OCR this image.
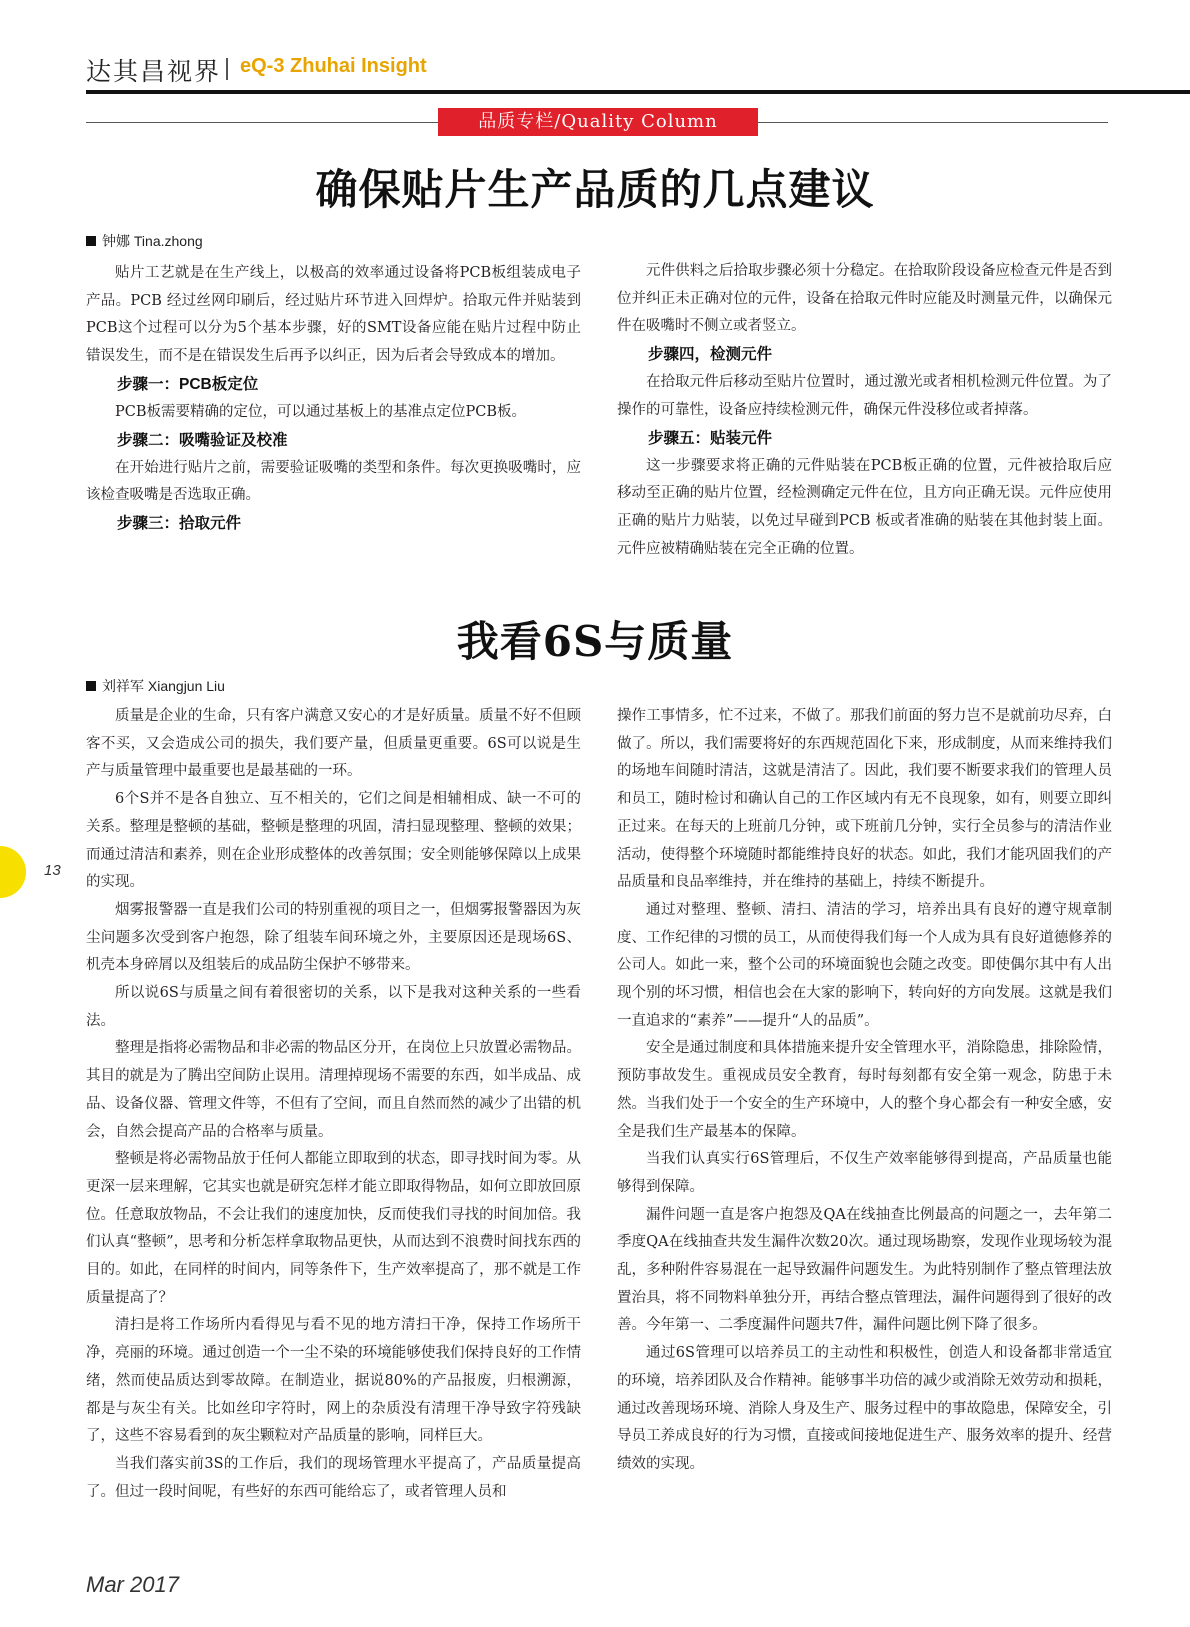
达其昌视界 eQ-3 Zhuhai Insight
品质专栏/Quality Column
确保贴片生产品质的几点建议
钟娜 Tina.zhong

贴片工艺就是在生产线上，以极高的效率通过设备将PCB板组装成电子产品。PCB 经过丝网印刷后，经过贴片环节进入回焊炉。拾取元件并贴装到PCB这个过程可以分为5个基本步骤，好的SMT设备应能在贴片过程中防止错误发生，而不是在错误发生后再予以纠正，因为后者会导致成本的增加。

步骤一：PCB板定位

PCB板需要精确的定位，可以通过基板上的基准点定位PCB板。

步骤二：吸嘴验证及校准

在开始进行贴片之前，需要验证吸嘴的类型和条件。每次更换吸嘴时，应该检查吸嘴是否选取正确。

步骤三：拾取元件

元件供料之后拾取步骤必须十分稳定。在拾取阶段设备应检查元件是否到位并纠正未正确对位的元件，设备在拾取元件时应能及时测量元件，以确保元件在吸嘴时不侧立或者竖立。

步骤四，检测元件

在拾取元件后移动至贴片位置时，通过激光或者相机检测元件位置。为了操作的可靠性，设备应持续检测元件，确保元件没移位或者掉落。

步骤五：贴装元件

这一步骤要求将正确的元件贴装在PCB板正确的位置，元件被拾取后应移动至正确的贴片位置，经检测确定元件在位，且方向正确无误。元件应使用正确的贴片力贴装，以免过早碰到PCB 板或者准确的贴装在其他封装上面。元件应被精确贴装在完全正确的位置。

我看6S与质量
刘祥军 Xiangjun Liu

质量是企业的生命，只有客户满意又安心的才是好质量。质量不好不但顾客不买，又会造成公司的损失，我们要产量，但质量更重要。6S可以说是生产与质量管理中最重要也是最基础的一环。

6个S并不是各自独立、互不相关的，它们之间是相辅相成、缺一不可的关系。整理是整顿的基础，整顿是整理的巩固，清扫显现整理、整顿的效果；而通过清洁和素养，则在企业形成整体的改善氛围；安全则能够保障以上成果的实现。

烟雾报警器一直是我们公司的特别重视的项目之一，但烟雾报警器因为灰尘问题多次受到客户抱怨，除了组装车间环境之外，主要原因还是现场6S、机壳本身碎屑以及组装后的成品防尘保护不够带来。

所以说6S与质量之间有着很密切的关系，以下是我对这种关系的一些看法。

整理是指将必需物品和非必需的物品区分开，在岗位上只放置必需物品。其目的就是为了腾出空间防止误用。清理掉现场不需要的东西，如半成品、成品、设备仪器、管理文件等，不但有了空间，而且自然而然的减少了出错的机会，自然会提高产品的合格率与质量。

整顿是将必需物品放于任何人都能立即取到的状态，即寻找时间为零。从更深一层来理解，它其实也就是研究怎样才能立即取得物品，如何立即放回原位。任意取放物品，不会让我们的速度加快，反而使我们寻找的时间加倍。我们认真“整顿”，思考和分析怎样拿取物品更快，从而达到不浪费时间找东西的目的。如此，在同样的时间内，同等条件下，生产效率提高了，那不就是工作质量提高了？

清扫是将工作场所内看得见与看不见的地方清扫干净，保持工作场所干净，亮丽的环境。通过创造一个一尘不染的环境能够使我们保持良好的工作情绪，然而使品质达到零故障。在制造业，据说80%的产品报废，归根溯源，都是与灰尘有关。比如丝印字符时，网上的杂质没有清理干净导致字符残缺了，这些不容易看到的灰尘颗粒对产品质量的影响，同样巨大。

当我们落实前3S的工作后，我们的现场管理水平提高了，产品质量提高了。但过一段时间呢，有些好的东西可能给忘了，或者管理人员和

操作工事情多，忙不过来，不做了。那我们前面的努力岂不是就前功尽弃，白做了。所以，我们需要将好的东西规范固化下来，形成制度，从而来维持我们的场地车间随时清洁，这就是清洁了。因此，我们要不断要求我们的管理人员和员工，随时检讨和确认自己的工作区域内有无不良现象，如有，则要立即纠正过来。在每天的上班前几分钟，或下班前几分钟，实行全员参与的清洁作业活动，使得整个环境随时都能维持良好的状态。如此，我们才能巩固我们的产品质量和良品率维持，并在维持的基础上，持续不断提升。

通过对整理、整顿、清扫、清洁的学习，培养出具有良好的遵守规章制度、工作纪律的习惯的员工，从而使得我们每一个人成为具有良好道德修养的公司人。如此一来，整个公司的环境面貌也会随之改变。即使偶尔其中有人出现个别的坏习惯，相信也会在大家的影响下，转向好的方向发展。这就是我们一直追求的“素养”——提升“人的品质”。

安全是通过制度和具体措施来提升安全管理水平，消除隐患，排除险情，预防事故发生。重视成员安全教育，每时每刻都有安全第一观念，防患于未然。当我们处于一个安全的生产环境中，人的整个身心都会有一种安全感，安全是我们生产最基本的保障。

当我们认真实行6S管理后，不仅生产效率能够得到提高，产品质量也能够得到保障。

漏件问题一直是客户抱怨及QA在线抽查比例最高的问题之一，去年第二季度QA在线抽查共发生漏件次数20次。通过现场勘察，发现作业现场较为混乱，多种附件容易混在一起导致漏件问题发生。为此特别制作了整点管理法放置治具，将不同物料单独分开，再结合整点管理法，漏件问题得到了很好的改善。今年第一、二季度漏件问题共7件，漏件问题比例下降了很多。

通过6S管理可以培养员工的主动性和积极性，创造人和设备都非常适宜的环境，培养团队及合作精神。能够事半功倍的减少或消除无效劳动和损耗，通过改善现场环境、消除人身及生产、服务过程中的事故隐患，保障安全，引导员工养成良好的行为习惯，直接或间接地促进生产、服务效率的提升、经营绩效的实现。

13
Mar 2017
